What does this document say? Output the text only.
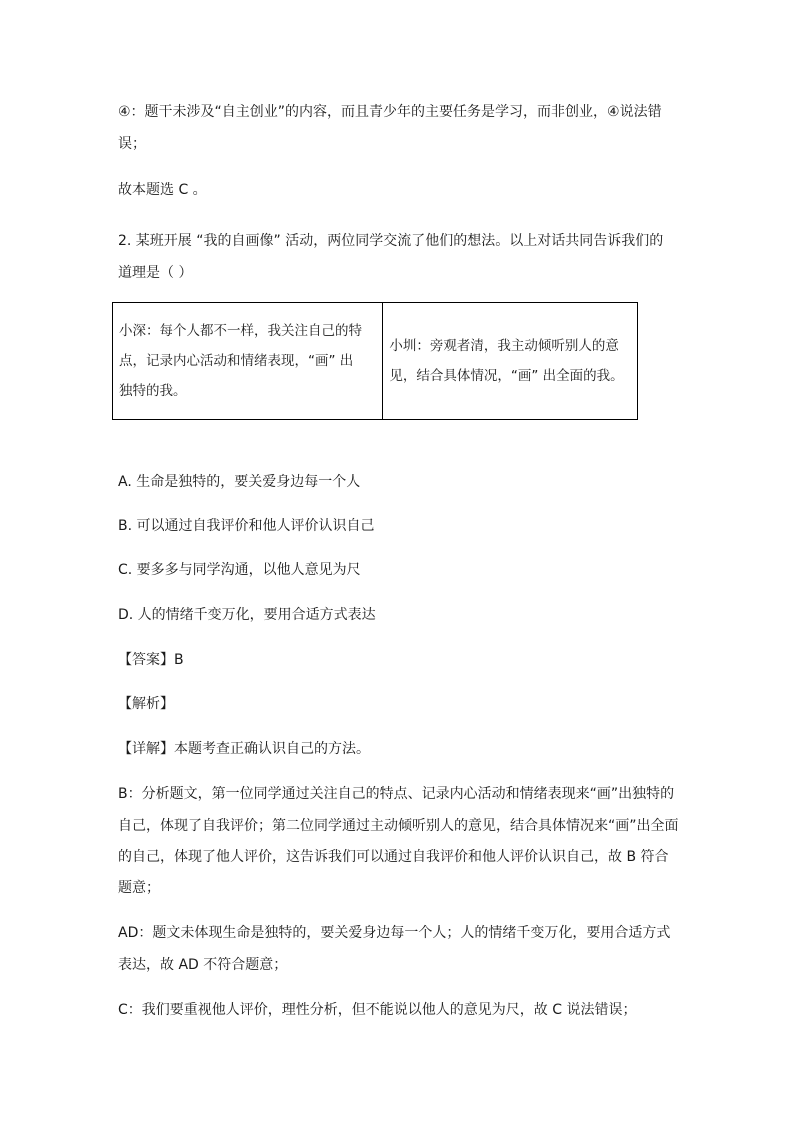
④：题干未涉及“自主创业”的内容，而且青少年的主要任务是学习，而非创业，④说法错
误；
故本题选 C 。
2. 某班开展 “我的自画像” 活动，两位同学交流了他们的想法。以上对话共同告诉我们的
道理是（ ）
小深：每个人都不一样，我关注自己的特
点，记录内心活动和情绪表现，“画” 出
独特的我。

小圳：旁观者清，我主动倾听别人的意
见，结合具体情况，“画” 出全面的我。
A. 生命是独特的，要关爱身边每一个人
B. 可以通过自我评价和他人评价认识自己
C. 要多多与同学沟通，以他人意见为尺
D. 人的情绪千变万化，要用合适方式表达
【答案】B
【解析】
【详解】本题考查正确认识自己的方法。
B：分析题文，第一位同学通过关注自己的特点、记录内心活动和情绪表现来“画”出独特的
自己，体现了自我评价；第二位同学通过主动倾听别人的意见，结合具体情况来“画”出全面
的自己，体现了他人评价，这告诉我们可以通过自我评价和他人评价认识自己，故 B 符合
题意；
AD：题文未体现生命是独特的，要关爱身边每一个人；人的情绪千变万化，要用合适方式
表达，故 AD 不符合题意；
C：我们要重视他人评价，理性分析，但不能说以他人的意见为尺，故 C 说法错误；
